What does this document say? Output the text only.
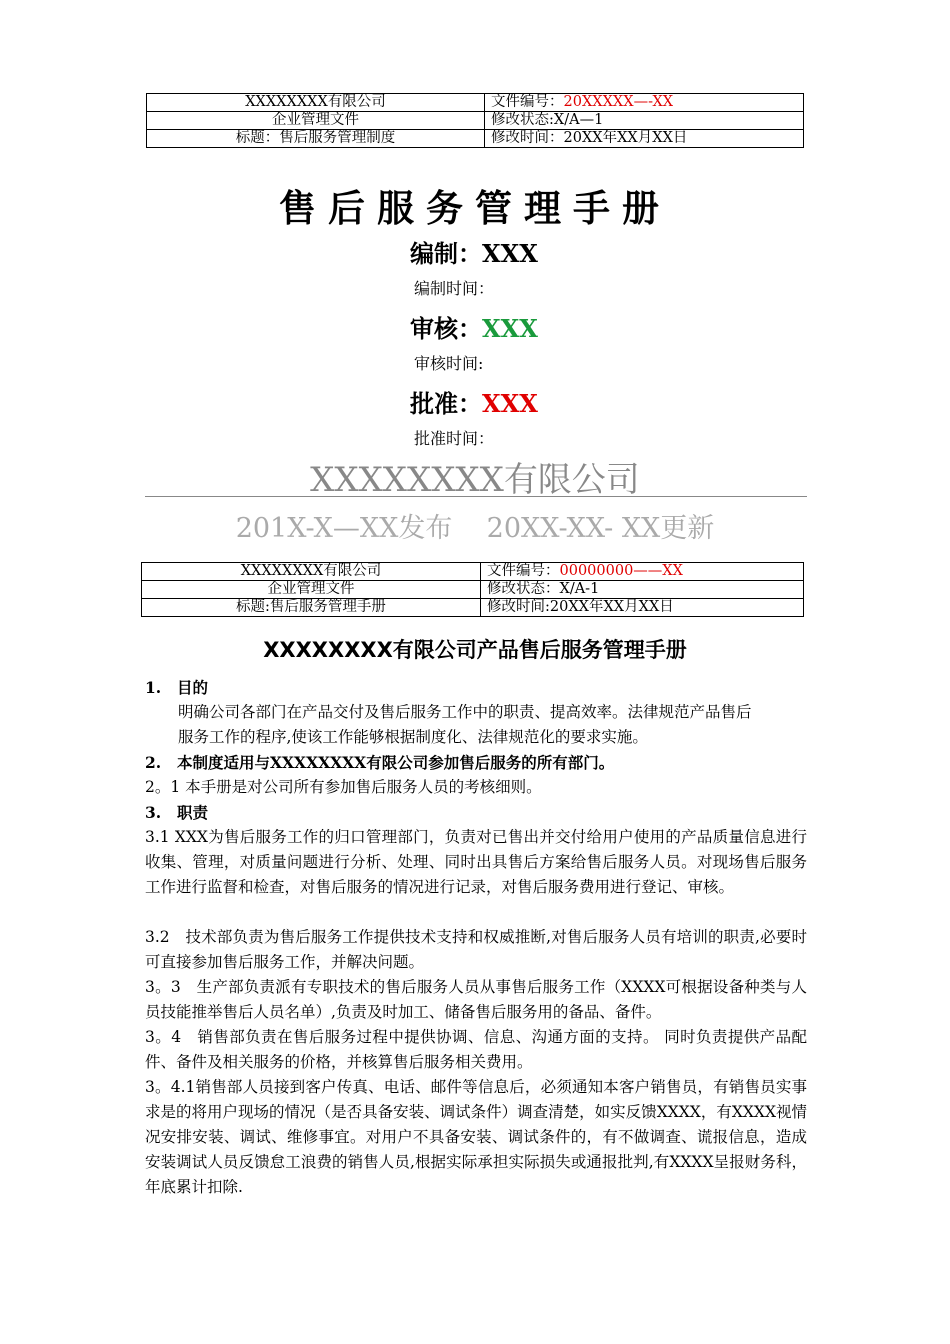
XXXXXXXX有限公司	文件编号：20XXXXX—-XX
企业管理文件	修改状态:X/A—1
标题：售后服务管理制度	修改时间：20XX年XX月XX日
售后服务管理手册
编制：XXX
编制时间：
审核：XXX
审核时间:
批准：XXX
批准时间：
XXXXXXXX有限公司
201X-X—XX发布    20XX-XX- XX更新
XXXXXXXX有限公司	文件编号：00000000——XX
企业管理文件	修改状态：X/A-1
标题:售后服务管理手册	修改时间:20XX年XX月XX日
XXXXXXXX有限公司产品售后服务管理手册
1. 目的
明确公司各部门在产品交付及售后服务工作中的职责、提高效率。法律规范产品售后
服务工作的程序,使该工作能够根据制度化、法律规范化的要求实施。
2. 本制度适用与XXXXXXXX有限公司参加售后服务的所有部门。
2。1 本手册是对公司所有参加售后服务人员的考核细则。
3. 职责
3.1 XXX为售后服务工作的归口管理部门，负责对已售出并交付给用户使用的产品质量信息进行收集、管理，对质量问题进行分析、处理、同时出具售后方案给售后服务人员。对现场售后服务工作进行监督和检查，对售后服务的情况进行记录，对售后服务费用进行登记、审核。
3.2　技术部负责为售后服务工作提供技术支持和权威推断,对售后服务人员有培训的职责,必要时可直接参加售后服务工作，并解决问题。
3。3　生产部负责派有专职技术的售后服务人员从事售后服务工作（XXXX可根据设备种类与人员技能推举售后人员名单）,负责及时加工、储备售后服务用的备品、备件。
3。4　销售部负责在售后服务过程中提供协调、信息、沟通方面的支持。 同时负责提供产品配件、备件及相关服务的价格，并核算售后服务相关费用。
3。4.1销售部人员接到客户传真、电话、邮件等信息后，必须通知本客户销售员，有销售员实事求是的将用户现场的情况（是否具备安装、调试条件）调查清楚，如实反馈XXXX，有XXXX视情况安排安装、调试、维修事宜。对用户不具备安装、调试条件的，有不做调查、谎报信息，造成安装调试人员反馈怠工浪费的销售人员,根据实际承担实际损失或通报批判,有XXXX呈报财务科，年底累计扣除.
